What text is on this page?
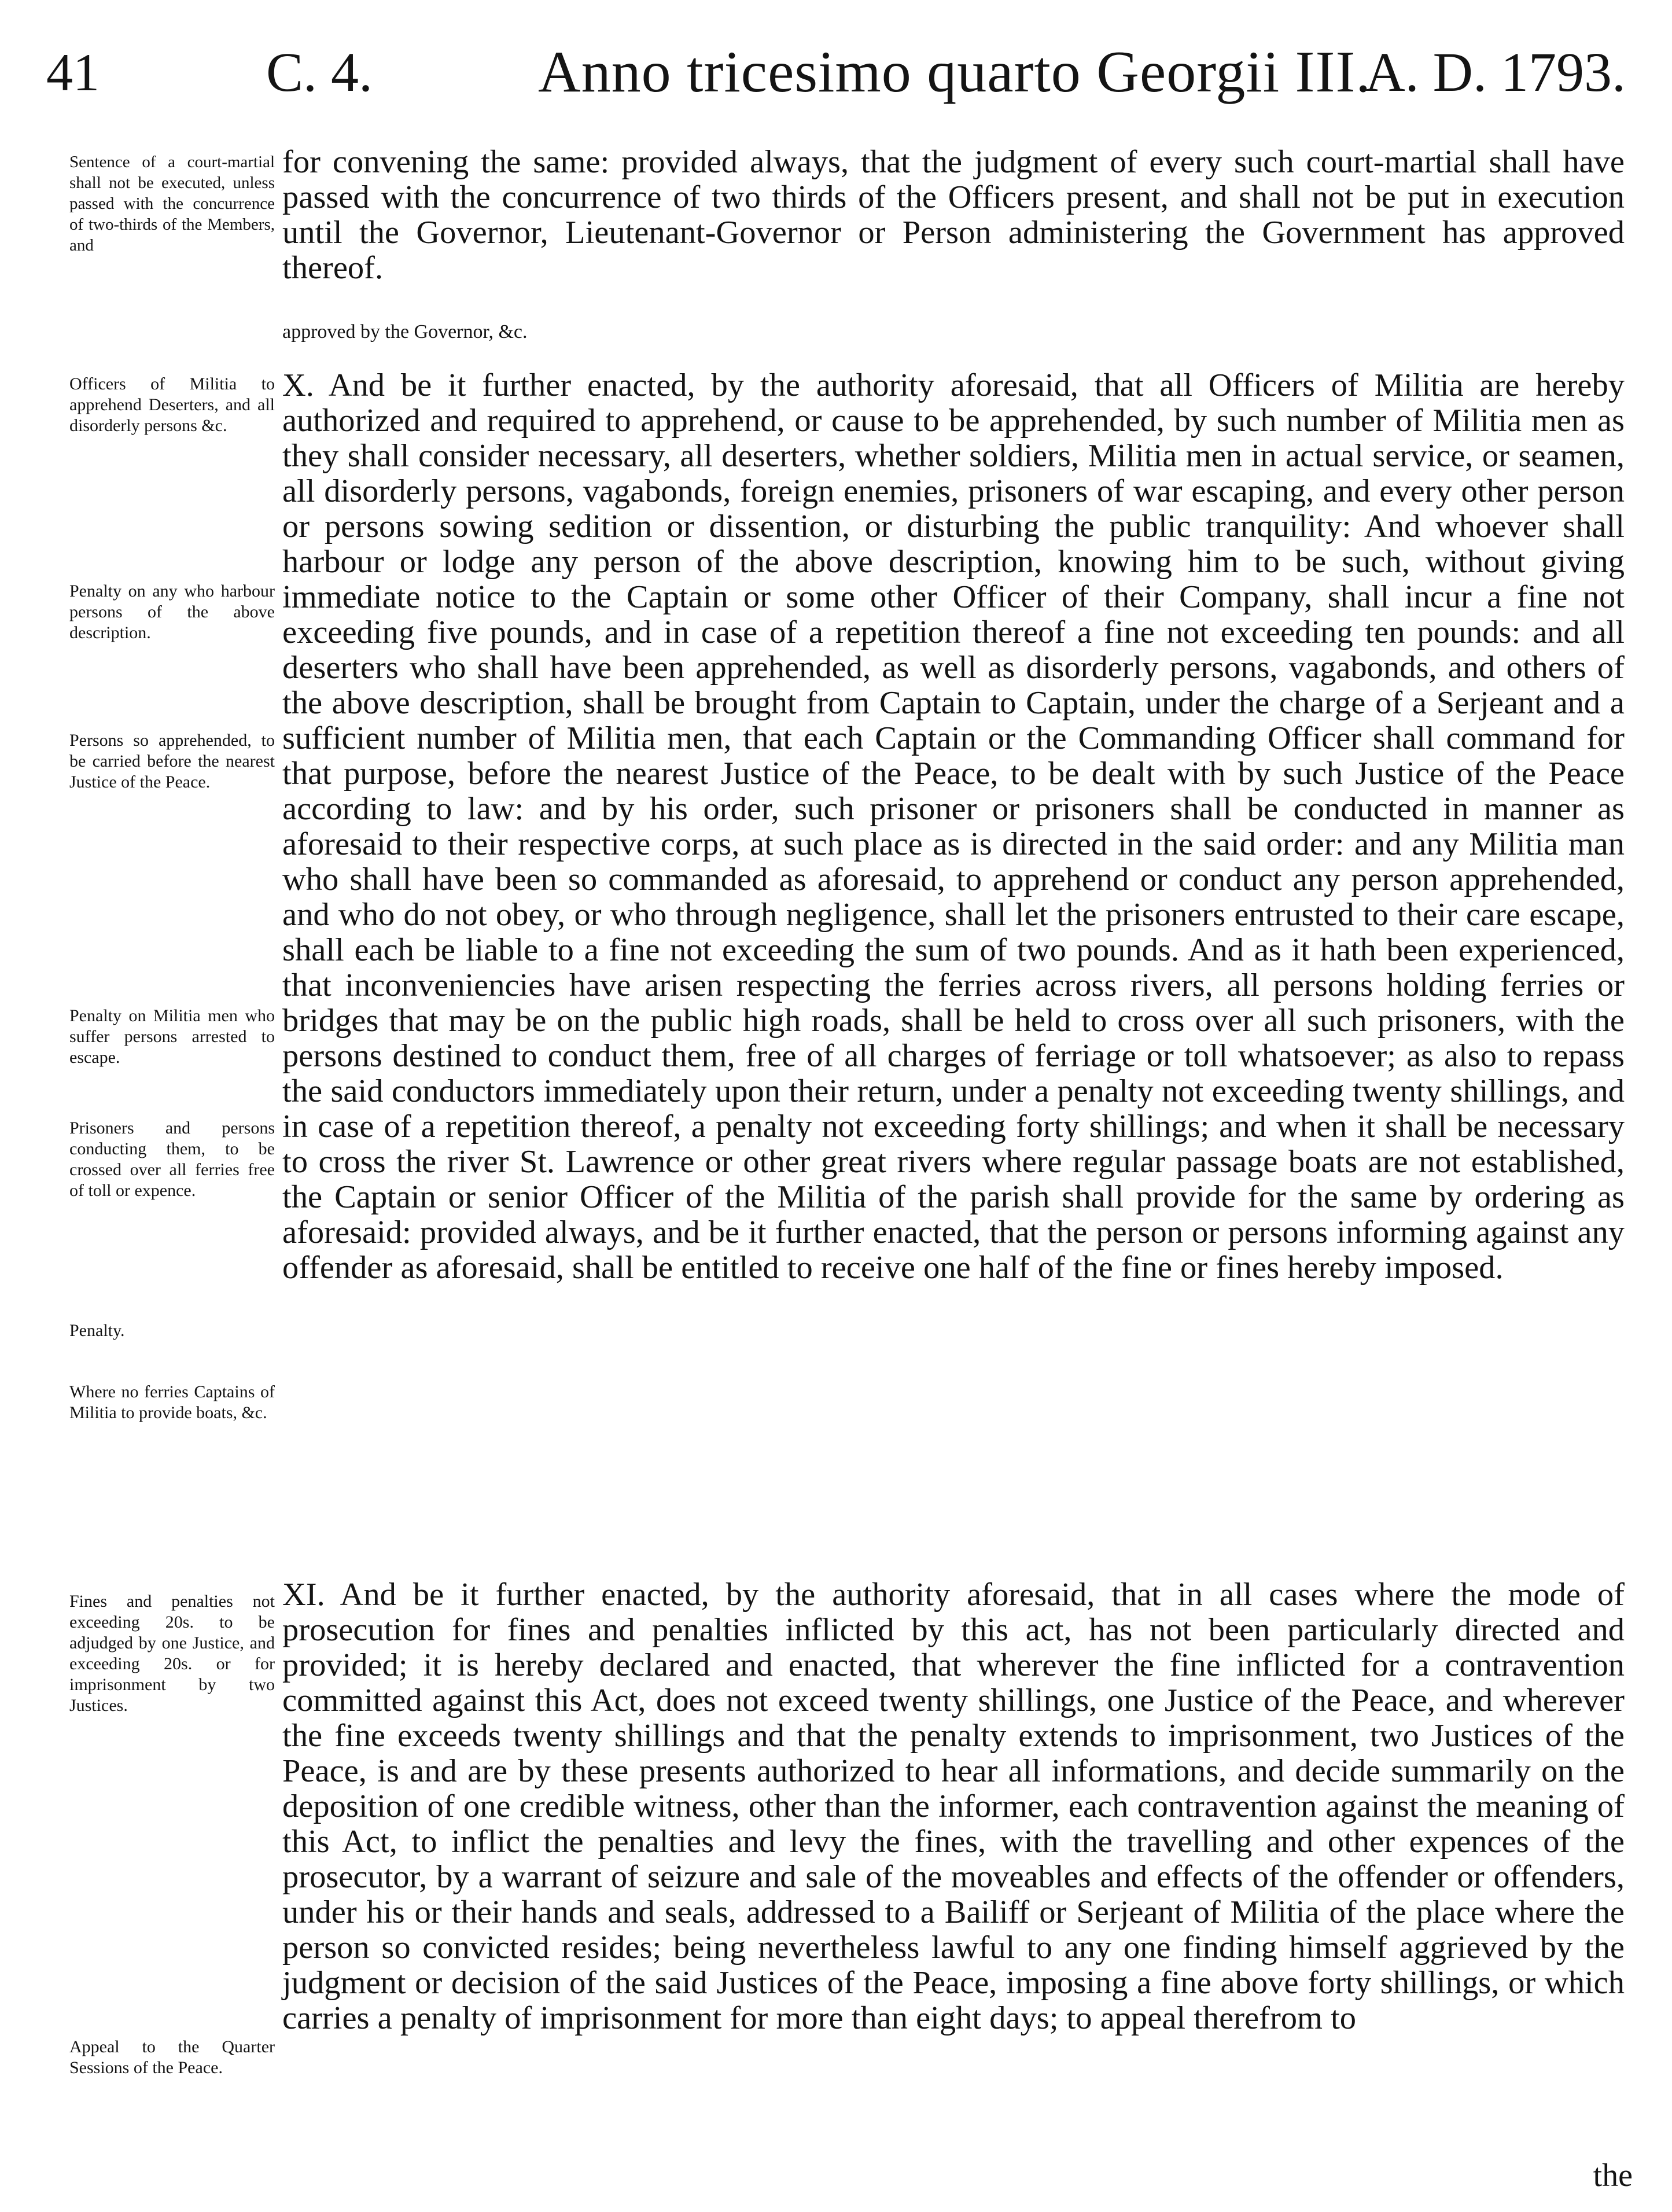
41	C. 4.	Anno tricesimo quarto Georgii III.
A. D. 1793.
Sentence of a court-martial shall not be executed, unless passed with the concurrence of two-thirds of the Members, and
Officers of Militia to apprehend Deserters, and all disorderly persons &c.
Penalty on any who harbour persons of the above description.
Persons so apprehended, to be carried before the nearest Justice of the Peace.
Penalty on Militia men who suffer persons arrested to escape.
Prisoners and persons conducting them, to be crossed over all ferries free of toll or expence.
Penalty.
Where no ferries Captains of Militia to provide boats, &c.
Fines and penalties not exceeding 20s. to be adjudged by one Justice, and exceeding 20s. or for imprisonment by two Justices.
Appeal to the Quarter Sessions of the Peace.

for convening the same: provided always, that the judgment of every such court-martial shall have passed with the concurrence of two thirds of the Officers present, and shall not be put in execution until the Governor, Lieutenant-Governor or Person administering the Government has approved thereof.

approved by the Governor, &c.

X. And be it further enacted, by the authority aforesaid, that all Officers of Militia are hereby authorized and required to apprehend, or cause to be apprehended, by such number of Militia men as they shall consider necessary, all deserters, whether soldiers, Militia men in actual service, or seamen, all disorderly persons, vagabonds, foreign enemies, prisoners of war escaping, and every other person or persons sowing sedition or dissention, or disturbing the public tranquility: And whoever shall harbour or lodge any person of the above description, knowing him to be such, without giving immediate notice to the Captain or some other Officer of their Company, shall incur a fine not exceeding five pounds, and in case of a repetition thereof a fine not exceeding ten pounds: and all deserters who shall have been apprehended, as well as disorderly persons, vagabonds, and others of the above description, shall be brought from Captain to Captain, under the charge of a Serjeant and a sufficient number of Militia men, that each Captain or the Commanding Officer shall command for that purpose, before the nearest Justice of the Peace, to be dealt with by such Justice of the Peace according to law: and by his order, such prisoner or prisoners shall be conducted in manner as aforesaid to their respective corps, at such place as is directed in the said order: and any Militia man who shall have been so commanded as aforesaid, to apprehend or conduct any person apprehended, and who do not obey, or who through negligence, shall let the prisoners entrusted to their care escape, shall each be liable to a fine not exceeding the sum of two pounds. And as it hath been experienced, that inconveniencies have arisen respecting the ferries across rivers, all persons holding ferries or bridges that may be on the public high roads, shall be held to cross over all such prisoners, with the persons destined to conduct them, free of all charges of ferriage or toll whatsoever; as also to repass the said conductors immediately upon their return, under a penalty not exceeding twenty shillings, and in case of a repetition thereof, a penalty not exceeding forty shillings; and when it shall be necessary to cross the river St. Lawrence or other great rivers where regular passage boats are not established, the Captain or senior Officer of the Militia of the parish shall provide for the same by ordering as aforesaid: provided always, and be it further enacted, that the person or persons informing against any offender as aforesaid, shall be entitled to receive one half of the fine or fines hereby imposed.

XI. And be it further enacted, by the authority aforesaid, that in all cases where the mode of prosecution for fines and penalties inflicted by this act, has not been particularly directed and provided; it is hereby declared and enacted, that wherever the fine inflicted for a contravention committed against this Act, does not exceed twenty shillings, one Justice of the Peace, and wherever the fine exceeds twenty shillings and that the penalty extends to imprisonment, two Justices of the Peace, is and are by these presents authorized to hear all informations, and decide summarily on the deposition of one credible witness, other than the informer, each contravention against the meaning of this Act, to inflict the penalties and levy the fines, with the travelling and other expences of the prosecutor, by a warrant of seizure and sale of the moveables and effects of the offender or offenders, under his or their hands and seals, addressed to a Bailiff or Serjeant of Militia of the place where the person so convicted resides; being nevertheless lawful to any one finding himself aggrieved by the judgment or decision of the said Justices of the Peace, imposing a fine above forty shillings, or which carries a penalty of imprisonment for more than eight days; to appeal therefrom to

the
